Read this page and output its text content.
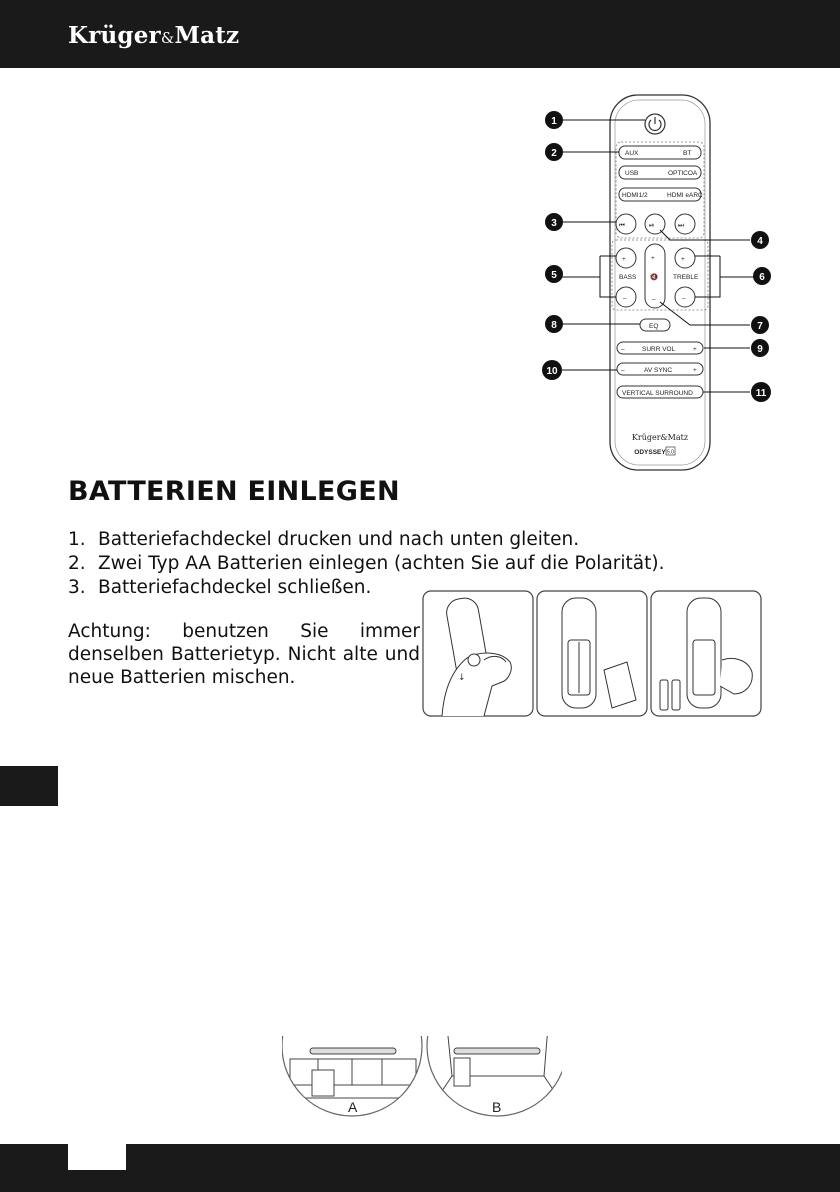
Krüger&Matz
AUX	BT
USB	OPTICOA
HDMI1/2	HDMI eARC
⏮	⏯	⏭
+
BASS
–
+
🔇
–
+
TREBLE
–
EQ
–	SURR VOL	+
–	AV SYNC	+
VERTICAL SURROUND
Krüger&Matz
ODYSSEY 5.0
1
2
3
4
5	6
7
8
9
10
11
BATTERIEN EINLEGEN
1. Batteriefachdeckel drucken und nach unten gleiten.
2. Zwei Typ AA Batterien einlegen (achten Sie auf die Polarität).
3. Batteriefachdeckel schließen.

Achtung: benutzen Sie immer denselben Batterietyp. Nicht alte und neue Batterien mischen.	↓
A	B
